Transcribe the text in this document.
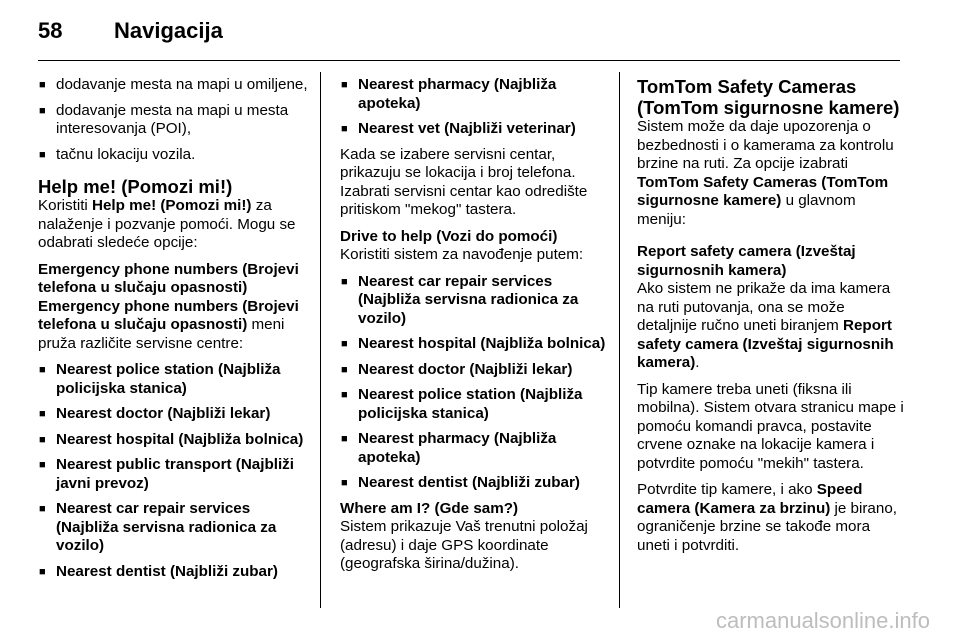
58 Navigacija
■ dodavanje mesta na mapi u omiljene,
■ dodavanje mesta na mapi u mesta interesovanja (POI),
■ tačnu lokaciju vozila.
Help me! (Pomozi mi!)

Koristiti Help me! (Pomozi mi!) za nalaženje i pozvanje pomoći. Mogu se odabrati sledeće opcije:

Emergency phone numbers (Brojevi telefona u slučaju opasnosti)

Emergency phone numbers (Brojevi telefona u slučaju opasnosti) meni pruža različite servisne centre:

■ Nearest police station (Najbliža policijska stanica)
■ Nearest doctor (Najbliži lekar)
■ Nearest hospital (Najbliža bolnica)
■ Nearest public transport (Najbliži javni prevoz)
■ Nearest car repair services (Najbliža servisna radionica za vozilo)
■ Nearest dentist (Najbliži zubar)
■ Nearest pharmacy (Najbliža apoteka)
■ Nearest vet (Najbliži veterinar)

Kada se izabere servisni centar, prikazuju se lokacija i broj telefona. Izabrati servisni centar kao odredište pritiskom "mekog" tastera.

Drive to help (Vozi do pomoći)

Koristiti sistem za navođenje putem:

■ Nearest car repair services (Najbliža servisna radionica za vozilo)
■ Nearest hospital (Najbliža bolnica)
■ Nearest doctor (Najbliži lekar)
■ Nearest police station (Najbliža policijska stanica)
■ Nearest pharmacy (Najbliža apoteka)
■ Nearest dentist (Najbliži zubar)
Where am I? (Gde sam?)

Sistem prikazuje Vaš trenutni položaj (adresu) i daje GPS koordinate (geografska širina/dužina).

TomTom Safety Cameras (TomTom sigurnosne kamere)

Sistem može da daje upozorenja o bezbednosti i o kamerama za kontrolu brzine na ruti. Za opcije izabrati TomTom Safety Cameras (TomTom sigurnosne kamere) u glavnom meniju:

Report safety camera (Izveštaj sigurnosnih kamera)

Ako sistem ne prikaže da ima kamera na ruti putovanja, ona se može detaljnije ručno uneti biranjem Report safety camera (Izveštaj sigurnosnih kamera).

Tip kamere treba uneti (fiksna ili mobilna). Sistem otvara stranicu mape i pomoću komandi pravca, postavite crvene oznake na lokacije kamera i potvrdite pomoću "mekih" tastera.

Potvrdite tip kamere, i ako Speed camera (Kamera za brzinu) je birano, ograničenje brzine se takođe mora uneti i potvrditi.

carmanualsonline.info
